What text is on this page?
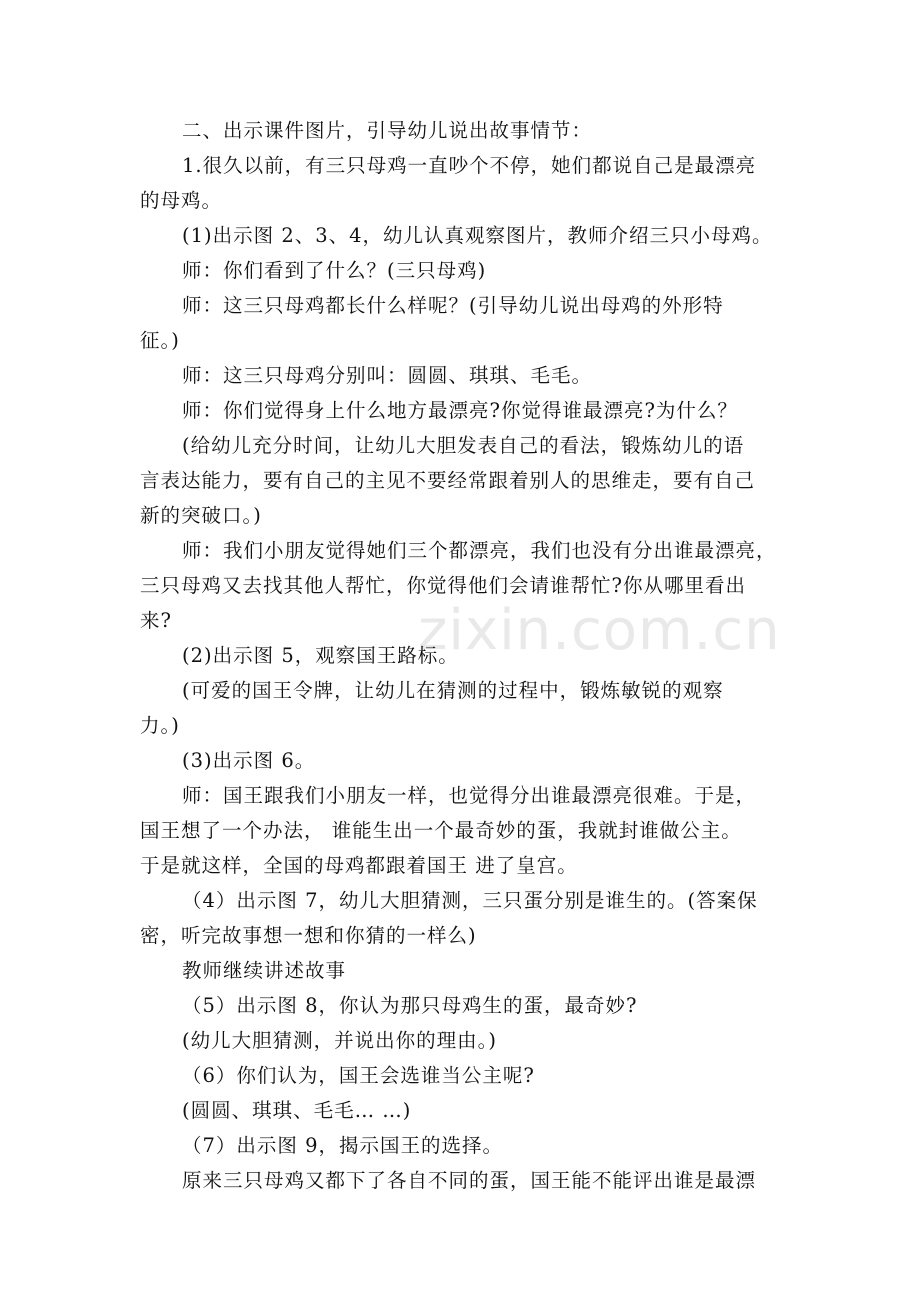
zixin.com.cn
二、出示课件图片，引导幼儿说出故事情节：
1.很久以前，有三只母鸡一直吵个不停，她们都说自己是最漂亮
的母鸡。
(1)出示图 2、3、4，幼儿认真观察图片，教师介绍三只小母鸡。
师：你们看到了什么？(三只母鸡)
师：这三只母鸡都长什么样呢？(引导幼儿说出母鸡的外形特
征。)
师：这三只母鸡分别叫：圆圆、琪琪、毛毛。
师：你们觉得身上什么地方最漂亮?你觉得谁最漂亮?为什么？
(给幼儿充分时间，让幼儿大胆发表自己的看法，锻炼幼儿的语
言表达能力，要有自己的主见不要经常跟着别人的思维走，要有自己
新的突破口。)
师：我们小朋友觉得她们三个都漂亮，我们也没有分出谁最漂亮，
三只母鸡又去找其他人帮忙，你觉得他们会请谁帮忙?你从哪里看出
来?
(2)出示图 5，观察国王路标。
(可爱的国王令牌，让幼儿在猜测的过程中，锻炼敏锐的观察
力。)
(3)出示图 6。
师：国王跟我们小朋友一样，也觉得分出谁最漂亮很难。于是，
国王想了一个办法， 谁能生出一个最奇妙的蛋，我就封谁做公主。
于是就这样，全国的母鸡都跟着国王 进了皇宫。
（4）出示图 7，幼儿大胆猜测，三只蛋分别是谁生的。(答案保
密，听完故事想一想和你猜的一样么)
教师继续讲述故事
（5）出示图 8，你认为那只母鸡生的蛋，最奇妙?
(幼儿大胆猜测，并说出你的理由。)
（6）你们认为，国王会选谁当公主呢?
(圆圆、琪琪、毛毛… …)
（7）出示图 9，揭示国王的选择。
原来三只母鸡又都下了各自不同的蛋，国王能不能评出谁是最漂
